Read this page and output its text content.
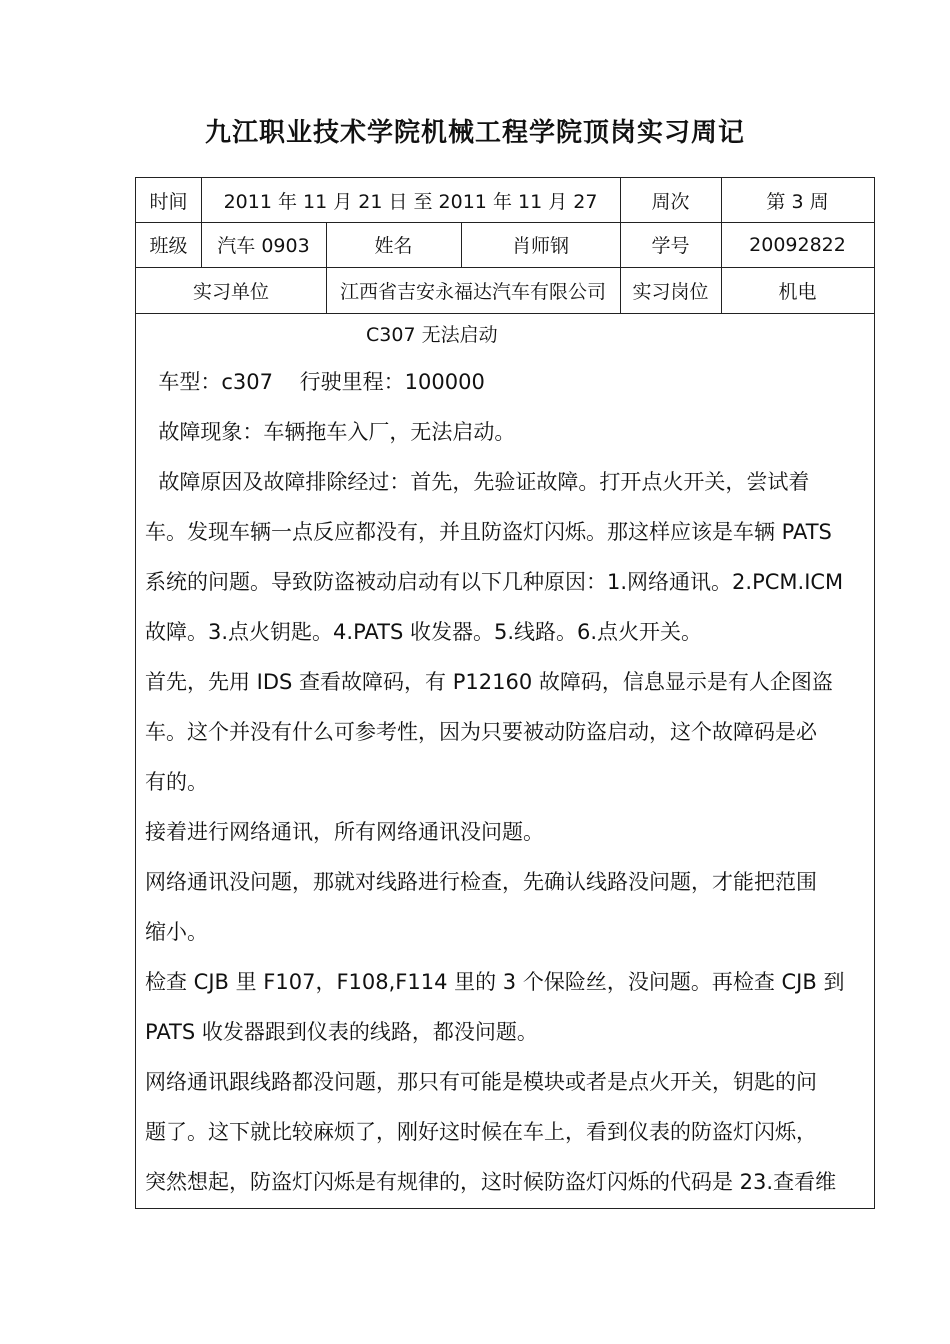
九江职业技术学院机械工程学院顶岗实习周记
时间	2011 年 11 月 21 日 至 2011 年 11 月 27	周次	第 3 周
班级	汽车 0903	姓名	肖师钢	学号	20092822
实习单位	江西省吉安永福达汽车有限公司	实习岗位	机电
C307 无法启动
车型：c307    行驶里程：100000
故障现象：车辆拖车入厂，无法启动。
故障原因及故障排除经过：首先，先验证故障。打开点火开关，尝试着
车。发现车辆一点反应都没有，并且防盗灯闪烁。那这样应该是车辆 PATS
系统的问题。导致防盗被动启动有以下几种原因：1.网络通讯。2.PCM.ICM
故障。3.点火钥匙。4.PATS 收发器。5.线路。6.点火开关。
首先，先用 IDS 查看故障码，有 P12160 故障码，信息显示是有人企图盗
车。这个并没有什么可参考性，因为只要被动防盗启动，这个故障码是必
有的。
接着进行网络通讯，所有网络通讯没问题。
网络通讯没问题，那就对线路进行检查，先确认线路没问题，才能把范围
缩小。
检查 CJB 里 F107，F108,F114 里的 3 个保险丝，没问题。再检查 CJB 到
PATS 收发器跟到仪表的线路，都没问题。
网络通讯跟线路都没问题，那只有可能是模块或者是点火开关，钥匙的问
题了。这下就比较麻烦了，刚好这时候在车上，看到仪表的防盗灯闪烁，
突然想起，防盗灯闪烁是有规律的，这时候防盗灯闪烁的代码是 23.查看维
